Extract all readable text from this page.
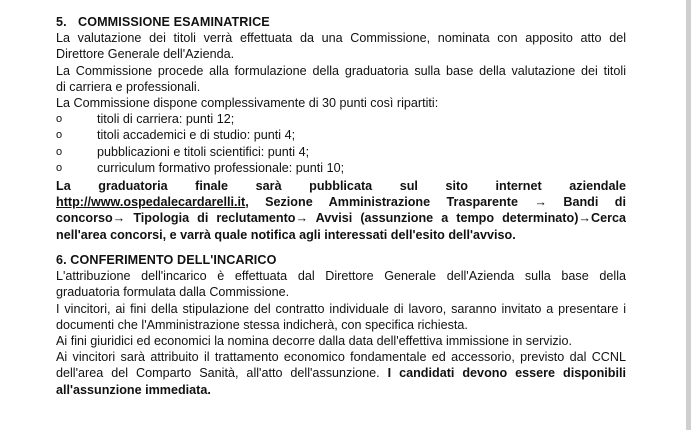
5. COMMISSIONE ESAMINATRICE

La valutazione dei titoli verrà effettuata da una Commissione, nominata con apposito atto del

Direttore Generale dell'Azienda.

La Commissione procede alla formulazione della graduatoria sulla base della valutazione dei titoli

di carriera e professionali.

La Commissione dispone complessivamente di 30 punti così ripartiti:

o	titoli di carriera: punti 12;
o	titoli accademici e di studio: punti 4;
o	pubblicazioni e titoli scientifici: punti 4;
o	curriculum formativo professionale: punti 10;

La graduatoria finale sarà pubblicata sul sito internet aziendale

http://www.ospedalecardarelli.it, Sezione Amministrazione Trasparente → Bandi di

concorso→ Tipologia di reclutamento→ Avvisi (assunzione a tempo determinato)→Cerca

nell'area concorsi, e varrà quale notifica agli interessati dell'esito dell'avviso.

6. CONFERIMENTO DELL'INCARICO

L'attribuzione dell'incarico è effettuata dal Direttore Generale dell'Azienda sulla base della

graduatoria formulata dalla Commissione.

I vincitori, ai fini della stipulazione del contratto individuale di lavoro, saranno invitato a presentare i

documenti che l'Amministrazione stessa indicherà, con specifica richiesta.

Ai fini giuridici ed economici la nomina decorre dalla data dell'effettiva immissione in servizio.

Ai vincitori sarà attribuito il trattamento economico fondamentale ed accessorio, previsto dal CCNL

dell'area del Comparto Sanità, all'atto dell'assunzione. I candidati devono essere disponibili

all'assunzione immediata.
